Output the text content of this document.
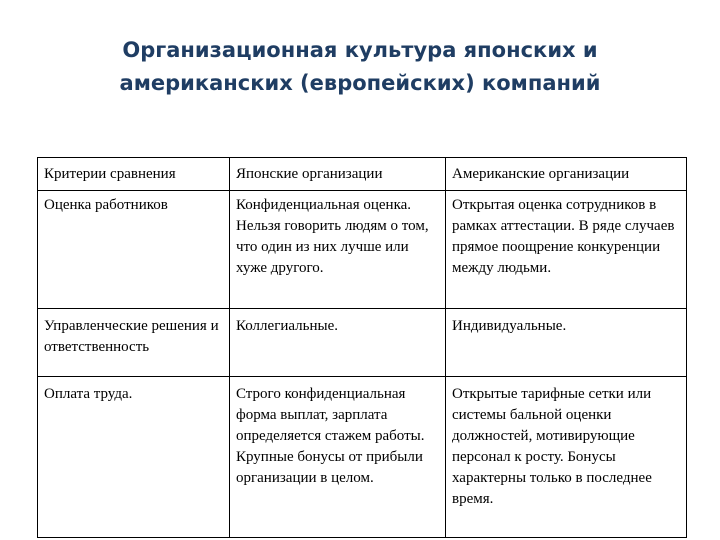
Организационная культура японских и
американских (европейских) компаний
Критерии сравнения	Японские организации	Американские организации
Оценка работников	Конфиденциальная оценка. Нельзя говорить людям о том, что один из них лучше или хуже другого.	Открытая оценка сотрудников в рамках аттестации. В ряде случаев прямое поощрение конкуренции между людьми.
Управленческие решения и ответственность	Коллегиальные.	Индивидуальные.
Оплата труда.	Строго конфиденциальная форма выплат, зарплата определяется стажем работы. Крупные бонусы от прибыли организации в целом.	Открытые тарифные сетки или системы бальной оценки должностей, мотивирующие персонал к росту. Бонусы характерны только в последнее время.
